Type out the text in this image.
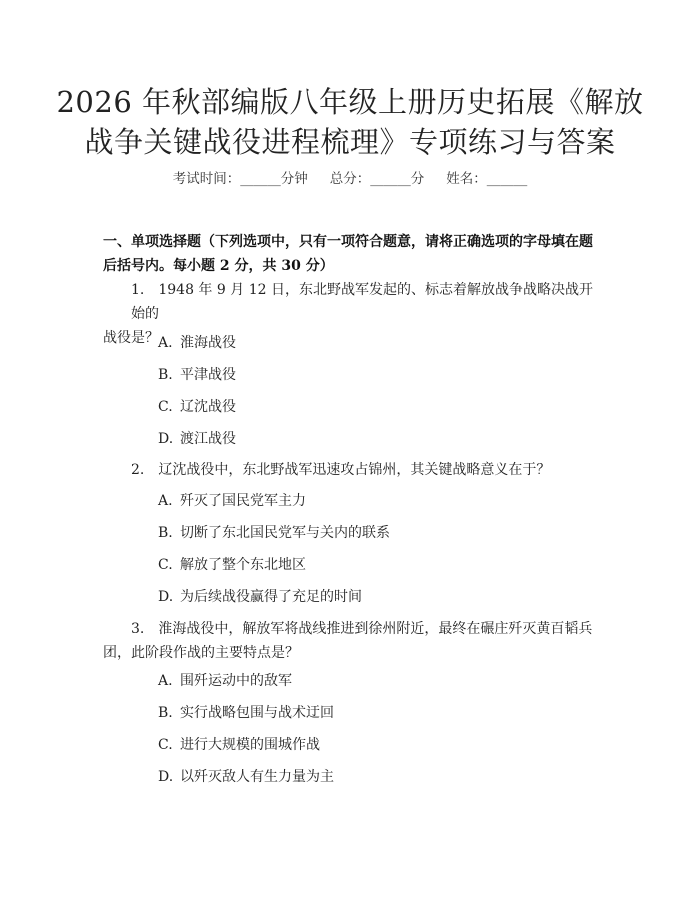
2026 年秋部编版八年级上册历史拓展《解放
战争关键战役进程梳理》专项练习与答案
考试时间：______分钟 总分：______分 姓名：______
一、单项选择题（下列选项中，只有一项符合题意，请将正确选项的字母填在题
后括号内。每小题 2 分，共 30 分）
1.　1948 年 9 月 12 日，东北野战军发起的、标志着解放战争战略决战开始的
战役是？ A. 淮海战役
B. 平津战役
C. 辽沈战役
D. 渡江战役
2.　辽沈战役中，东北野战军迅速攻占锦州，其关键战略意义在于？
A. 歼灭了国民党军主力
B. 切断了东北国民党军与关内的联系
C. 解放了整个东北地区
D. 为后续战役赢得了充足的时间
3.　淮海战役中，解放军将战线推进到徐州附近，最终在碾庄歼灭黄百韬兵
团，此阶段作战的主要特点是？
A. 围歼运动中的敌军
B. 实行战略包围与战术迂回
C. 进行大规模的围城作战
D. 以歼灭敌人有生力量为主
